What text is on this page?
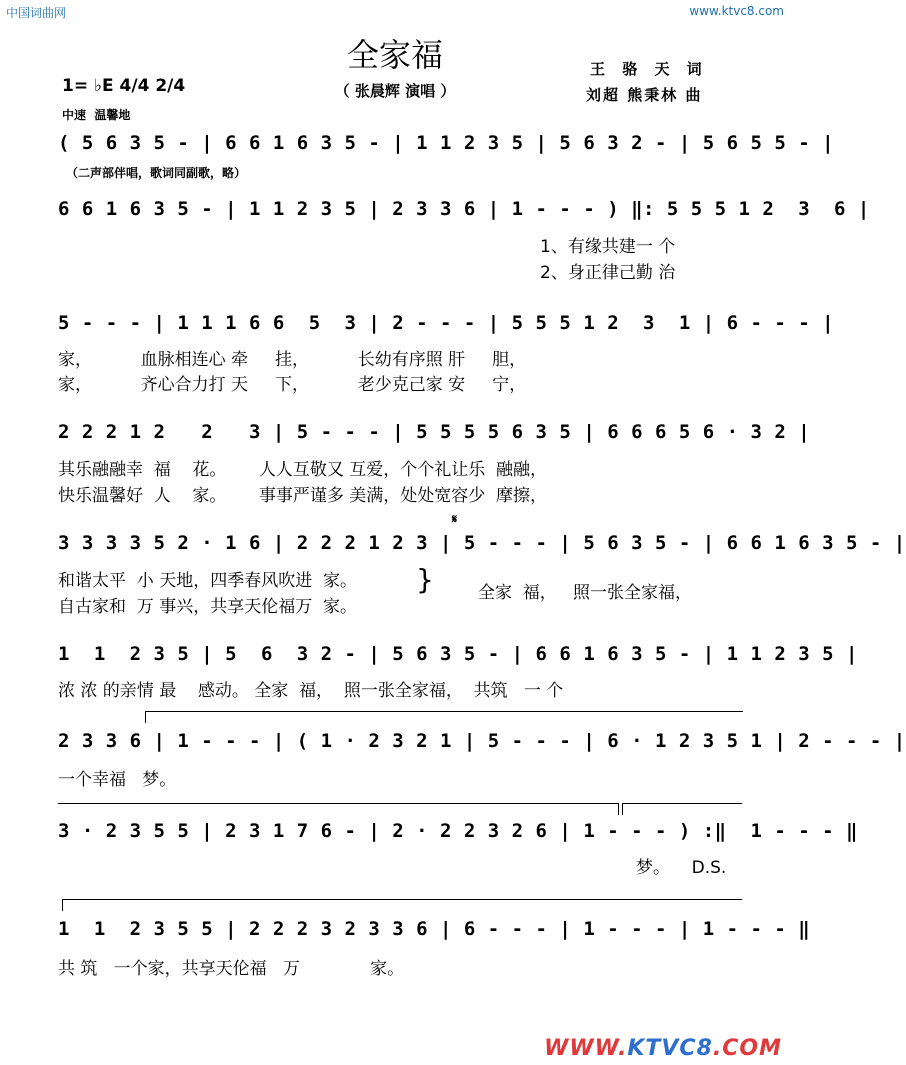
中国词曲网	www.ktvc8.com
全家福
（ 张晨辉 演唱 ）
王 骆 天 词
刘超 熊秉林 曲
1= ♭E 4/4 2/4
中速  温馨地
( 5 6 3 5 - | 6 6 1 6 3 5 - | 1 1 2 3 5 | 5 6 3 2 - | 5 6 5 5 - |
（二声部伴唱，歌词同副歌，略）
6 6 1 6 3 5 - | 1 1 2 3 5 | 2 3 3 6 | 1 - - - ) ‖: 5 5 5 1 2  3  6 |
1、有缘共建一 个
2、身正律己勤 治
5 - - - | 1 1 1 6 6  5  3 | 2 - - - | 5 5 5 1 2  3  1 | 6 - - - |
家，         血脉相连心 牵     挂，         长幼有序照 肝     胆，
家，         齐心合力打 天     下，         老少克己家 安     宁，
2 2 2 1 2   2   3 | 5 - - - | 5 5 5 5 6 3 5 | 6 6 6 5 6 · 3 2 |
其乐融融幸  福    花。      人人互敬又 互爱，个个礼让乐  融融，
快乐温馨好  人    家。      事事严谨多 美满，处处宽容少  摩擦，
𝄋
3 3 3 3 5 2 · 1 6 | 2 2 2 1 2 3 | 5 - - - | 5 6 3 5 - | 6 6 1 6 3 5 - |
和谐太平  小 天地，四季春风吹进  家。
自古家和  万 事兴，共享天伦福万  家。
}	全家  福，   照一张全家福，
1  1  2 3 5 | 5  6  3 2 - | 5 6 3 5 - | 6 6 1 6 3 5 - | 1 1 2 3 5 |
浓 浓 的亲情 最    感动。 全家  福，  照一张全家福，  共筑   一 个
2 3 3 6 | 1 - - - | ( 1 · 2 3 2 1 | 5 - - - | 6 · 1 2 3 5 1 | 2 - - - |
一个幸福   梦。
3 · 2 3 5 5 | 2 3 1 7 6 - | 2 · 2 2 3 2 6 | 1 - - - ) :‖  1 - - - ‖
梦。    D.S.
1  1  2 3 5 5 | 2 2 2 3 2 3 3 6 | 6 - - - | 1 - - - | 1 - - - ‖
共 筑   一个家，共享天伦福   万             家。
WWW.KTVC8.COM
